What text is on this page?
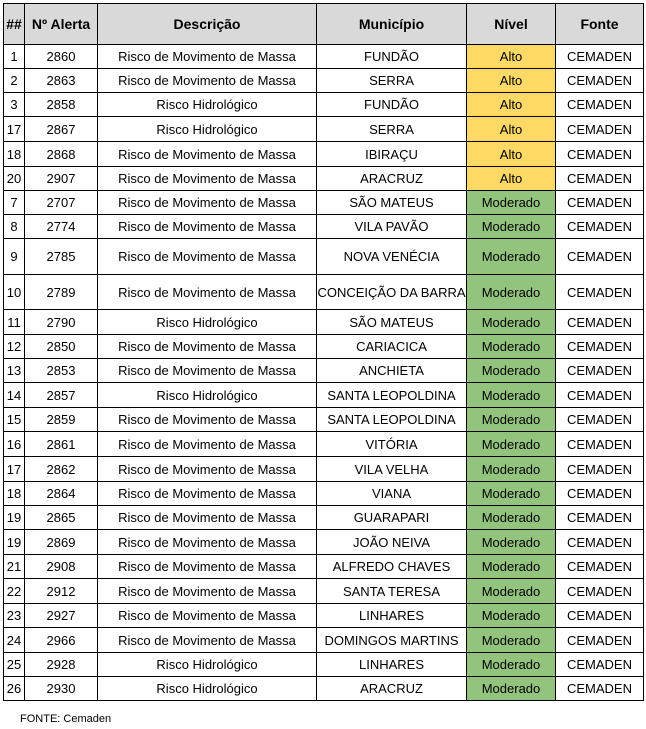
##	Nº Alerta	Descrição	Município	Nível	Fonte
1	2860	Risco de Movimento de Massa	FUNDÃO	Alto	CEMADEN
2	2863	Risco de Movimento de Massa	SERRA	Alto	CEMADEN
3	2858	Risco Hidrológico	FUNDÃO	Alto	CEMADEN
17	2867	Risco Hidrológico	SERRA	Alto	CEMADEN
18	2868	Risco de Movimento de Massa	IBIRAÇU	Alto	CEMADEN
20	2907	Risco de Movimento de Massa	ARACRUZ	Alto	CEMADEN
7	2707	Risco de Movimento de Massa	SÃO MATEUS	Moderado	CEMADEN
8	2774	Risco de Movimento de Massa	VILA PAVÃO	Moderado	CEMADEN
9	2785	Risco de Movimento de Massa	NOVA VENÉCIA	Moderado	CEMADEN
10	2789	Risco de Movimento de Massa	CONCEIÇÃO DA BARRA	Moderado	CEMADEN
11	2790	Risco Hidrológico	SÃO MATEUS	Moderado	CEMADEN
12	2850	Risco de Movimento de Massa	CARIACICA	Moderado	CEMADEN
13	2853	Risco de Movimento de Massa	ANCHIETA	Moderado	CEMADEN
14	2857	Risco Hidrológico	SANTA LEOPOLDINA	Moderado	CEMADEN
15	2859	Risco de Movimento de Massa	SANTA LEOPOLDINA	Moderado	CEMADEN
16	2861	Risco de Movimento de Massa	VITÓRIA	Moderado	CEMADEN
17	2862	Risco de Movimento de Massa	VILA VELHA	Moderado	CEMADEN
18	2864	Risco de Movimento de Massa	VIANA	Moderado	CEMADEN
19	2865	Risco de Movimento de Massa	GUARAPARI	Moderado	CEMADEN
19	2869	Risco de Movimento de Massa	JOÃO NEIVA	Moderado	CEMADEN
21	2908	Risco de Movimento de Massa	ALFREDO CHAVES	Moderado	CEMADEN
22	2912	Risco de Movimento de Massa	SANTA TERESA	Moderado	CEMADEN
23	2927	Risco de Movimento de Massa	LINHARES	Moderado	CEMADEN
24	2966	Risco de Movimento de Massa	DOMINGOS MARTINS	Moderado	CEMADEN
25	2928	Risco Hidrológico	LINHARES	Moderado	CEMADEN
26	2930	Risco Hidrológico	ARACRUZ	Moderado	CEMADEN
FONTE: Cemaden
